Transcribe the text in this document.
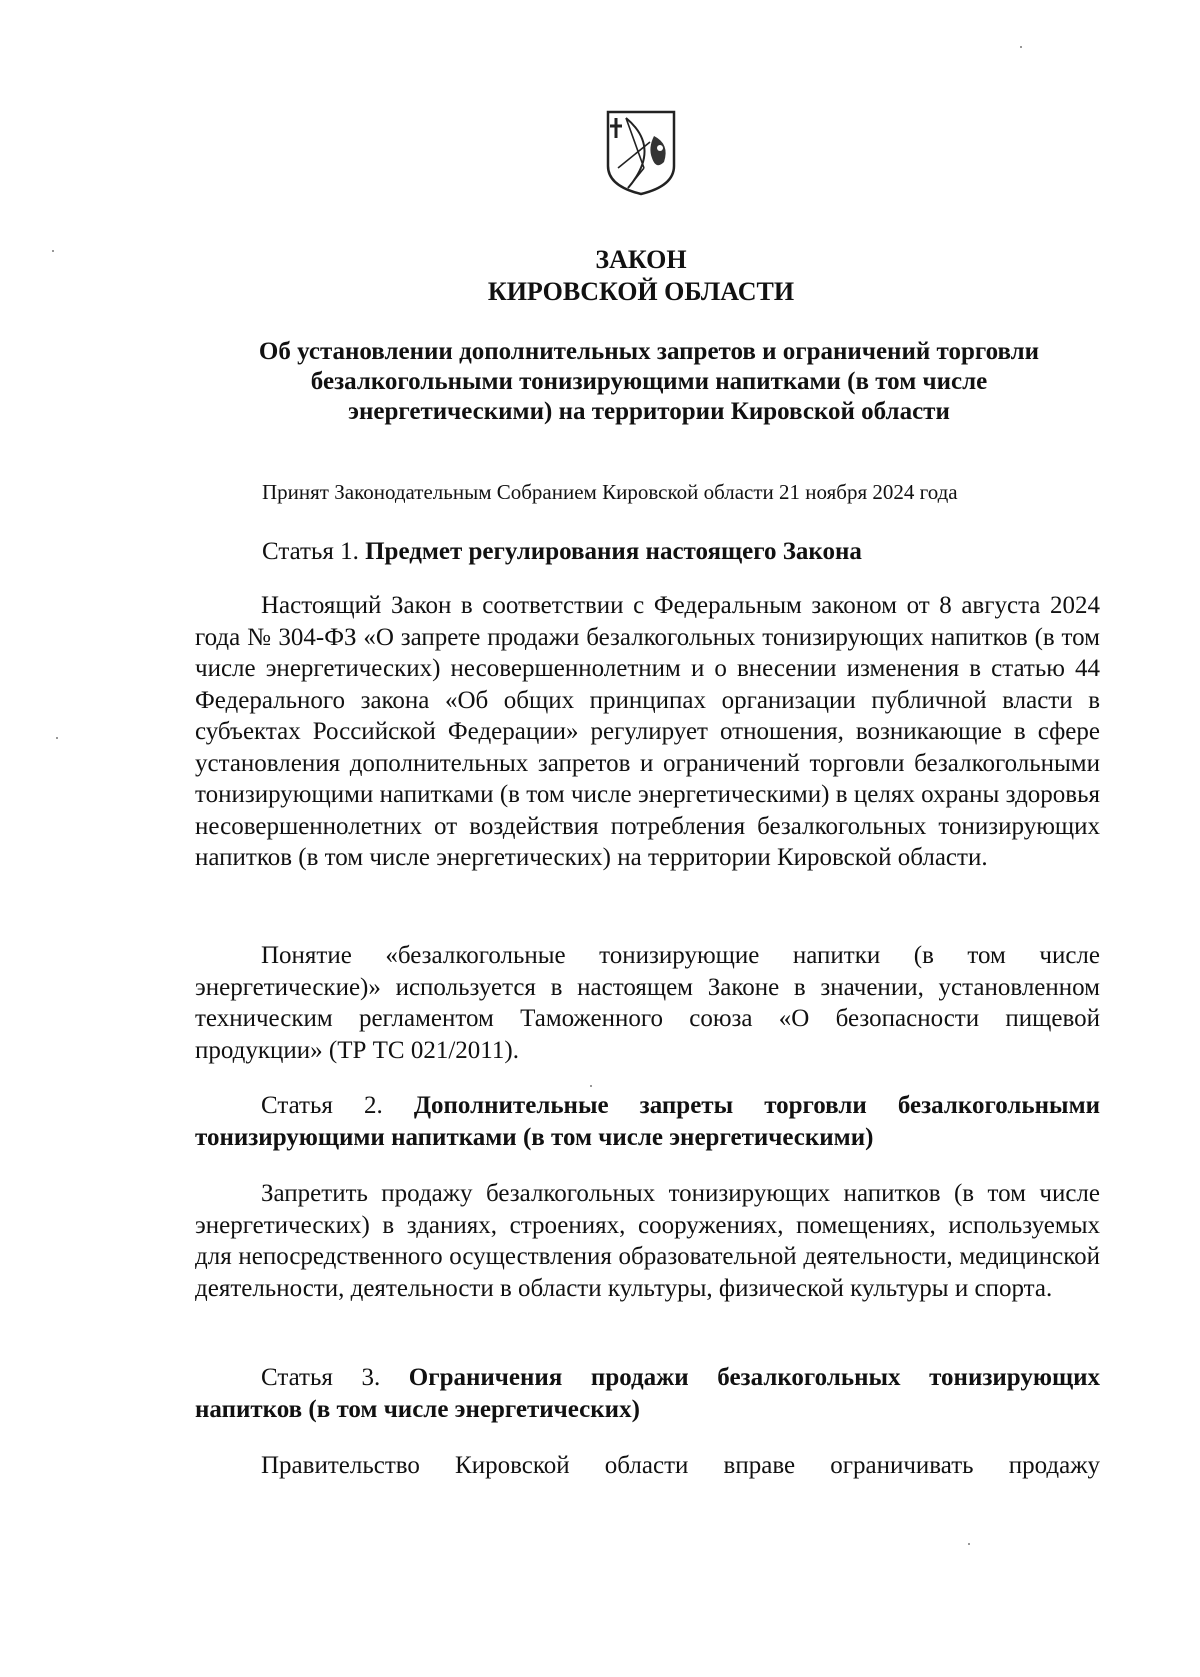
ЗАКОН
КИРОВСКОЙ ОБЛАСТИ
Об установлении дополнительных запретов и ограничений торговли
безалкогольными тонизирующими напитками (в том числе
энергетическими) на территории Кировской области
Принят Законодательным Собранием Кировской области 21 ноября 2024 года
Статья 1. Предмет регулирования настоящего Закона

Настоящий Закон в соответствии с Федеральным законом от 8 августа 2024 года № 304-ФЗ «О запрете продажи безалкогольных тонизирующих напитков (в том числе энергетических) несовершеннолетним и о внесении изменения в статью 44 Федерального закона «Об общих принципах организации публичной власти в субъектах Российской Федерации» регулирует отношения, возникающие в сфере установления дополнительных запретов и ограничений торговли безалкогольными тонизирующими напитками (в том числе энергетическими) в целях охраны здоровья несовершеннолетних от воздействия потребления безалкогольных тонизирующих напитков (в том числе энергетических) на территории Кировской области.

Понятие «безалкогольные тонизирующие напитки (в том числе энергетические)» используется в настоящем Законе в значении, установленном техническим регламентом Таможенного союза «О безопасности пищевой продукции» (ТР ТС 021/2011).

Статья 2. Дополнительные запреты торговли безалкогольными тонизирующими напитками (в том числе энергетическими)

Запретить продажу безалкогольных тонизирующих напитков (в том числе энергетических) в зданиях, строениях, сооружениях, помещениях, используемых для непосредственного осуществления образовательной деятельности, медицинской деятельности, деятельности в области культуры, физической культуры и спорта.

Статья 3. Ограничения продажи безалкогольных тонизирующих напитков (в том числе энергетических)

Правительство Кировской области вправе ограничивать продажу
